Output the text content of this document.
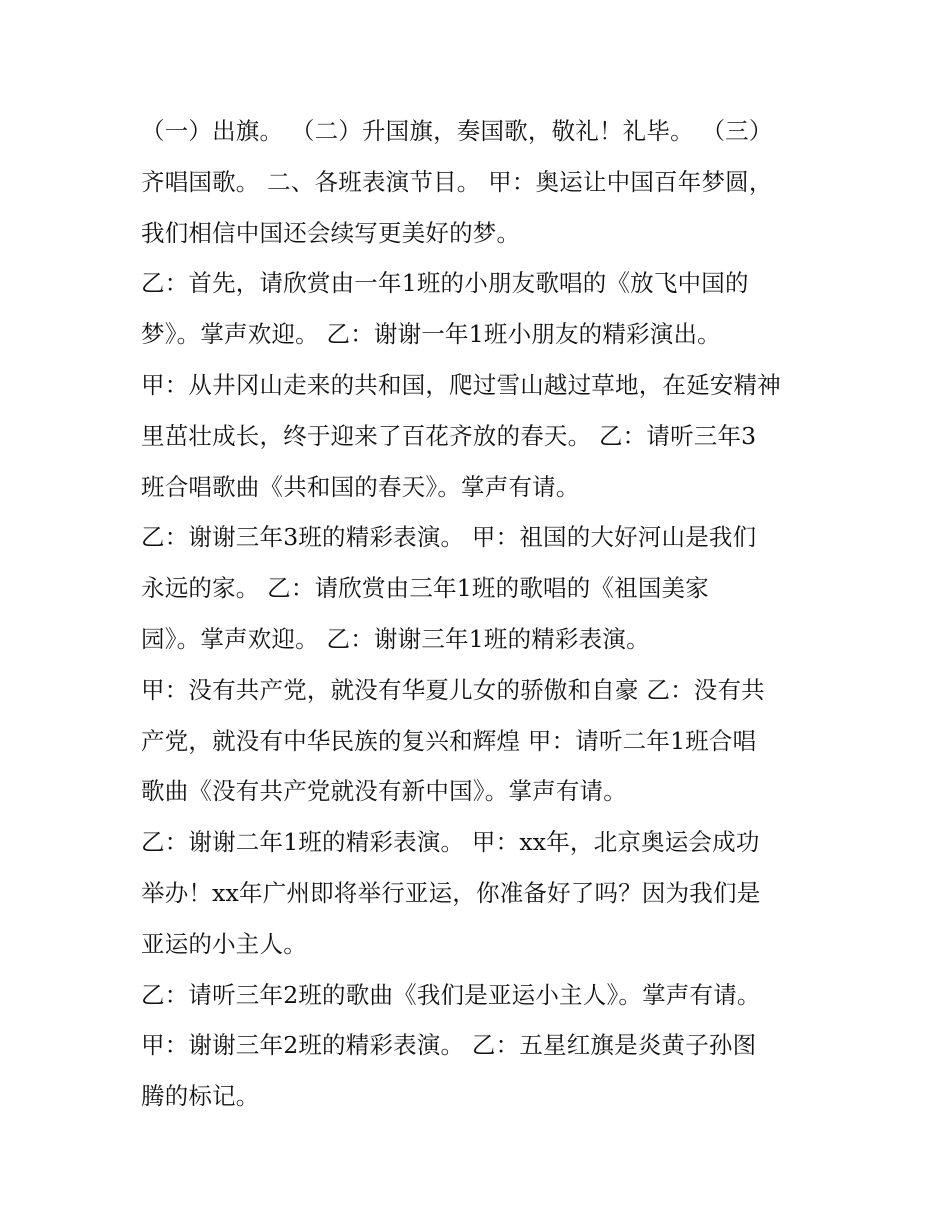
（一）出旗。 （二）升国旗，奏国歌，敬礼！礼毕。 （三）
齐唱国歌。 二、各班表演节目。 甲：奥运让中国百年梦圆，
我们相信中国还会续写更美好的梦。
乙：首先，请欣赏由一年1班的小朋友歌唱的《放飞中国的
梦》。掌声欢迎。 乙：谢谢一年1班小朋友的精彩演出。
甲：从井冈山走来的共和国，爬过雪山越过草地，在延安精神
里茁壮成长，终于迎来了百花齐放的春天。 乙：请听三年3
班合唱歌曲《共和国的春天》。掌声有请。
乙：谢谢三年3班的精彩表演。 甲：祖国的大好河山是我们
永远的家。 乙：请欣赏由三年1班的歌唱的《祖国美家
园》。掌声欢迎。 乙：谢谢三年1班的精彩表演。
甲：没有共产党，就没有华夏儿女的骄傲和自豪 乙：没有共
产党，就没有中华民族的复兴和辉煌 甲：请听二年1班合唱
歌曲《没有共产党就没有新中国》。掌声有请。
乙：谢谢二年1班的精彩表演。 甲：xx年，北京奥运会成功
举办！xx年广州即将举行亚运，你准备好了吗？因为我们是
亚运的小主人。
乙：请听三年2班的歌曲《我们是亚运小主人》。掌声有请。
甲：谢谢三年2班的精彩表演。 乙：五星红旗是炎黄子孙图
腾的标记。
